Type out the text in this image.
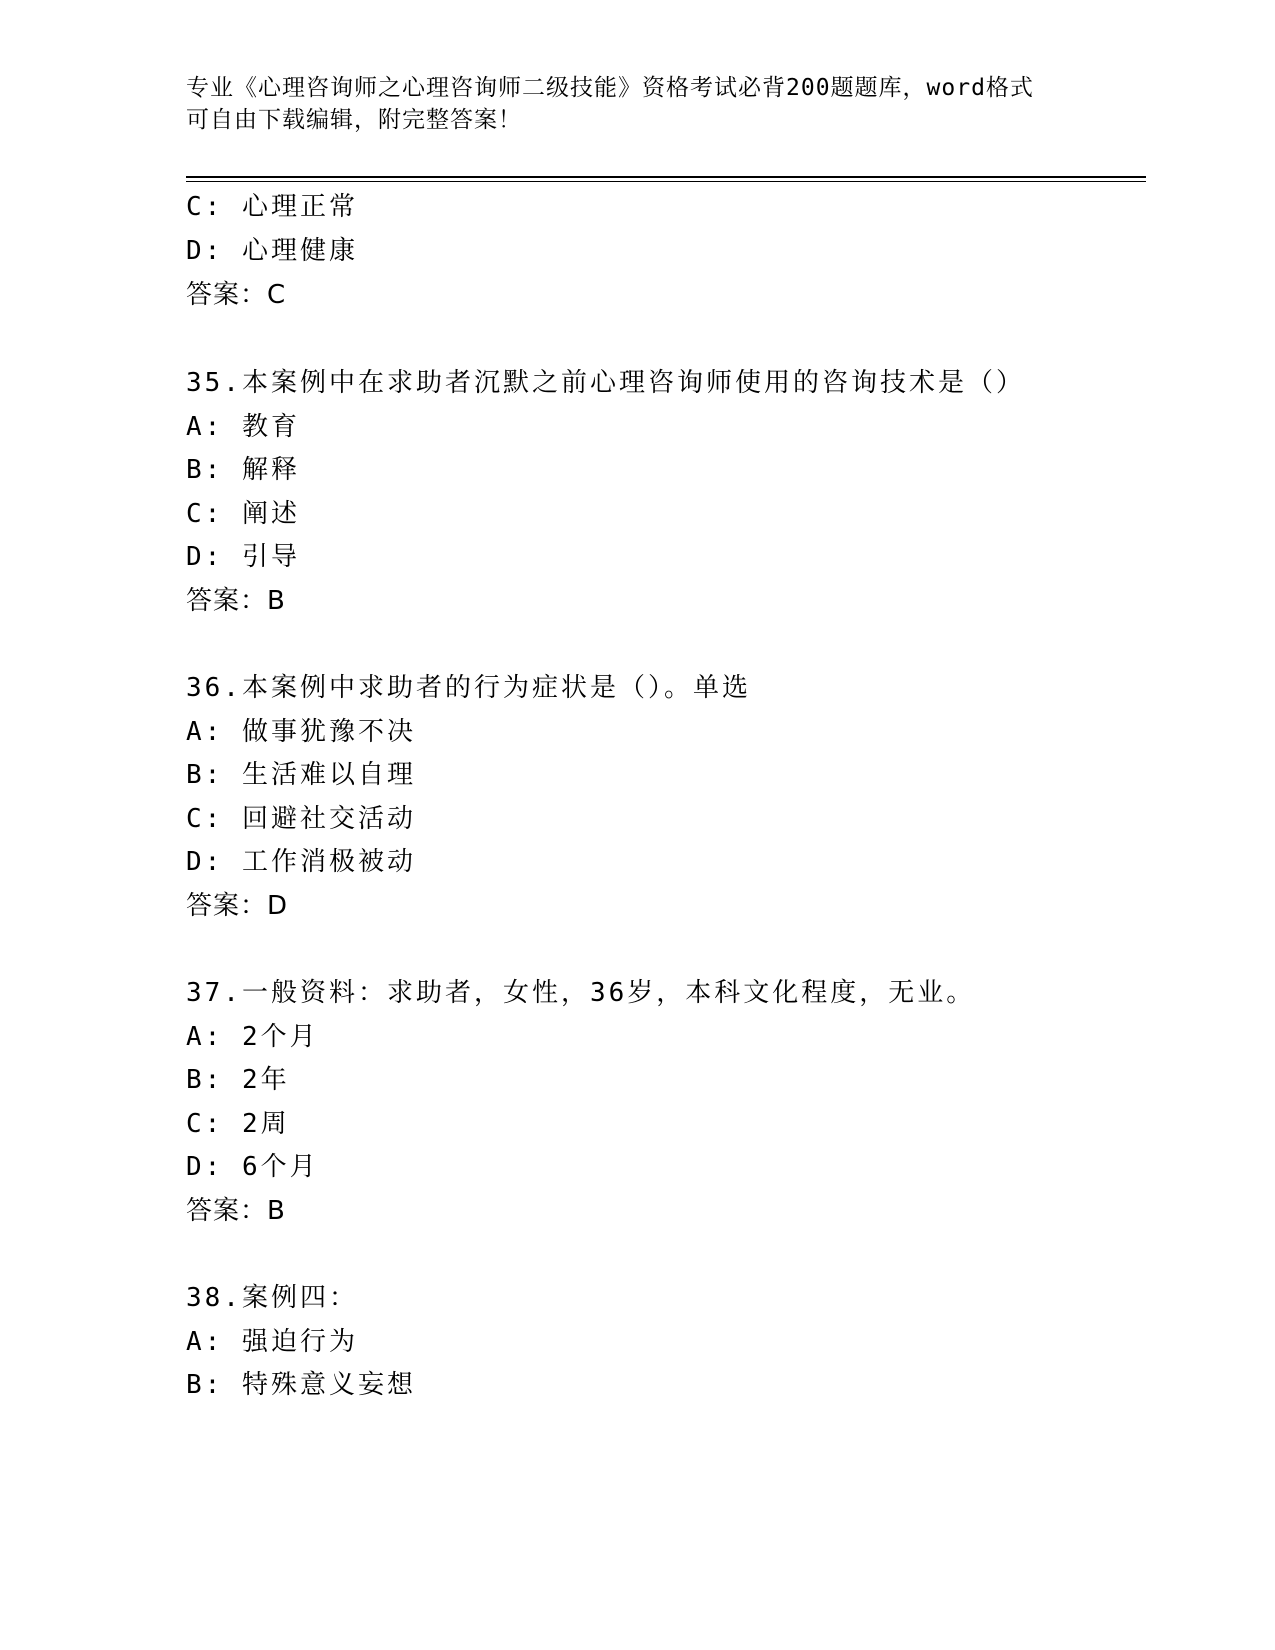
专业《心理咨询师之心理咨询师二级技能》资格考试必背200题题库，word格式
可自由下载编辑，附完整答案！
C: 心理正常
D: 心理健康
答案：C
35.本案例中在求助者沉默之前心理咨询师使用的咨询技术是（）
A: 教育
B: 解释
C: 阐述
D: 引导
答案：B
36.本案例中求助者的行为症状是（）。单选
A: 做事犹豫不决
B: 生活难以自理
C: 回避社交活动
D: 工作消极被动
答案：D
37.一般资料：求助者，女性，36岁，本科文化程度，无业。
A: 2个月
B: 2年
C: 2周
D: 6个月
答案：B
38.案例四：
A: 强迫行为
B: 特殊意义妄想
